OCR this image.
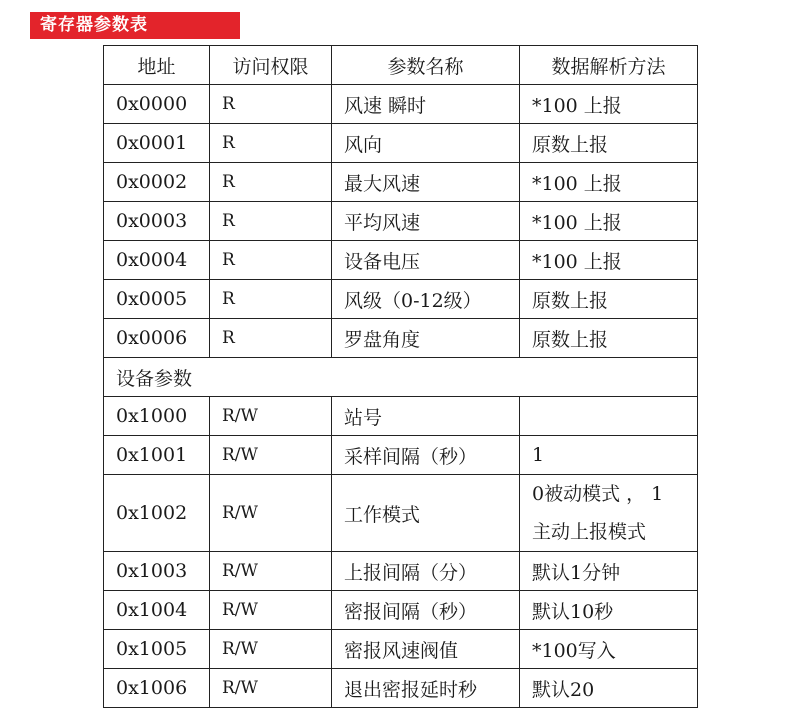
寄存器参数表
地址	访问权限	参数名称	数据解析方法
0x0000	R	风速 瞬时	*100 上报
0x0001	R	风向	原数上报
0x0002	R	最大风速	*100 上报
0x0003	R	平均风速	*100 上报
0x0004	R	设备电压	*100 上报
0x0005	R	风级（0-12级）	原数上报
0x0006	R	罗盘角度	原数上报
设备参数			
0x1000	R/W	站号	
0x1001	R/W	采样间隔（秒）	1
0x1002	R/W	工作模式	0被动模式 ， 1
主动上报模式

0x1003	R/W	上报间隔（分）	默认1分钟
0x1004	R/W	密报间隔（秒）	默认10秒
0x1005	R/W	密报风速阀值	*100写入
0x1006	R/W	退出密报延时秒	默认20
